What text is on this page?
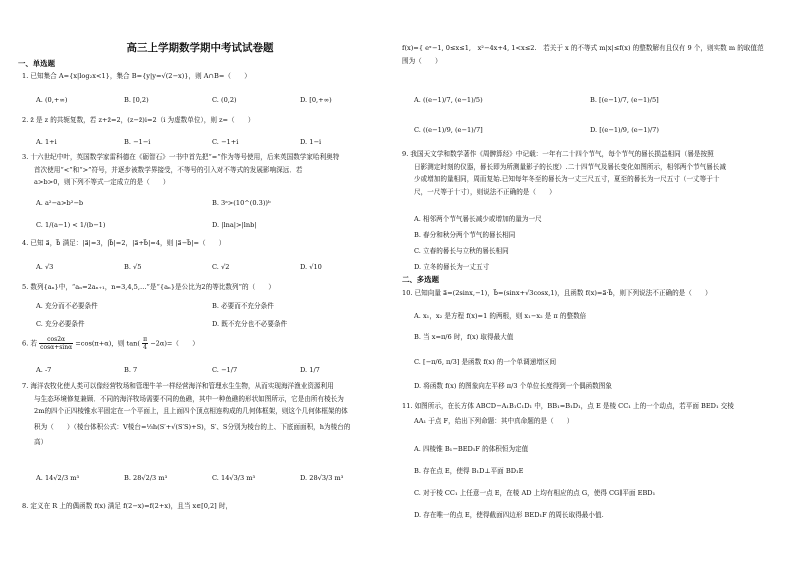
高三上学期数学期中考试试卷题
一、单选题
1. 已知集合 A={x|log₂x<1}，集合 B={y|y=√(2−x)}，则 A∩B=（　　）
A. (0,+∞)	B. [0,2)	C. (0,2)	D. [0,+∞)
2. z̄ 是 z 的共轭复数，若 z+z̄=2，(z−z̄)i=2（i 为虚数单位），则 z=（　　）
A. 1+i	B. −1−i	C. −1+i	D. 1−i
3. 十六世纪中叶，英国数学家雷科德在《砺智石》一书中首先把“=”作为等号使用，后来英国数学家哈利奥特
首次使用“<”和“>”符号，并逐步被数学界接受，不等号的引入对不等式的发展影响深远．若
a>b>0，则下列不等式一定成立的是（　　）
A. a²−a>b²−b	B. 3ᵃ>(10^(0.3))ᵇ
C. 1/(a−1) < 1/(b−1)	D. |lna|>|lnb|
4. 已知 a⃗，b⃗ 满足：|a⃗|=3，|b⃗|=2，|a⃗+b⃗|=4，则 |a⃗−b⃗|=（　　）
A. √3	B. √5	C. √2	D. √10
5. 数列{aₙ}中，“aₙ=2aₙ₊₁，n=3,4,5,…”是“{aₙ}是公比为2的等比数列”的（　　）
A. 充分而不必要条件	B. 必要而不充分条件
C. 充分必要条件	D. 既不充分也不必要条件
6. 若 $\frac{\cos 2\alpha}{\cos\alpha+\sin\alpha} =\cos(\pi+\alpha)$，则 $\tan( \frac{\pi}{4} -2\alpha)=$（　　）
A. -7	B. 7	C. −1/7	D. 1/7
7. 海洋农牧化使人类可以像经营牧场和管理牛羊一样经营海洋和管理水生生物，从而实现海洋渔业资源利用
与生态环境修复兼顾．不同的海洋牧场需要不同的鱼礁，其中一种鱼礁的形状如图所示，它是由所有棱长为
2m的四个正四棱锥水平固定在一个平面上，且上面四个顶点相连构成的几何体框架，则这个几何体框架的体
积为（　　）（棱台体积公式：V棱台=⅓h(S′+√(S′S)+S)，S′、S分别为棱台的上、下底面面积，h为棱台的
高）
A. 14√2/3 m³	B. 28√2/3 m³	C. 14√3/3 m³	D. 28√3/3 m³
8. 定义在 R 上的偶函数 f(x) 满足 f(2−x)=f(2+x)，且当 x∈[0,2] 时，
f(x)={ eˣ−1, 0≤x≤1,　x²−4x+4, 1<x≤2.　若关于 x 的不等式 m|x|≤f(x) 的整数解有且仅有 9 个，则实数 m 的取值范
围为（　　）
A. ((e−1)/7, (e−1)/5)	B. [(e−1)/7, (e−1)/5]
C. ((e−1)/9, (e−1)/7]	D. [(e−1)/9, (e−1)/7)
9. 我国天文学和数学著作《周髀算经》中记载：一年有二十四个节气，每个节气的晷长损益相同（晷是按照
日影测定时刻的仪器，晷长即为所测量影子的长度）.二十四节气及晷长变化如图所示，相邻两个节气晷长减
少或增加的量相同，周而复始.已知每年冬至的晷长为一丈三尺五寸，夏至的晷长为一尺五寸（一丈等于十
尺，一尺等于十寸），则说法不正确的是（　　）
A. 相邻两个节气晷长减少或增加的量为一尺
B. 春分和秋分两个节气的晷长相同
C. 立春的晷长与立秋的晷长相同
D. 立冬的晷长为一丈五寸
二、多选题
10. 已知向量 a⃗=(2sinx,−1)，b⃗=(sinx+√3cosx,1)，且函数 f(x)=a⃗·b⃗，则下列说法不正确的是（　　）
A. x₁，x₂ 是方程 f(x)=1 的两根，则 x₁−x₂ 是 π 的整数倍
B. 当 x=π/6 时，f(x) 取得最大值
C. [−π/6, π/3] 是函数 f(x) 的一个单调递增区间
D. 将函数 f(x) 的图象向左平移 π/3 个单位长度得到一个偶函数图象
11. 如图所示，在长方体 ABCD−A₁B₁C₁D₁ 中，BB₁=B₁D₁，点 E 是棱 CC₁ 上的一个动点，若平面 BED₁ 交棱
AA₁ 于点 F，给出下列命题：其中真命题的是（　　）
A. 四棱锥 B₁−BED₁F 的体积恒为定值
B. 存在点 E，使得 B₁D⊥平面 BD₁E
C. 对于棱 CC₁ 上任意一点 E，在棱 AD 上均有相应的点 G，使得 CG∥平面 EBD₁
D. 存在唯一的点 E，使得截面四边形 BED₁F 的周长取得最小值.
